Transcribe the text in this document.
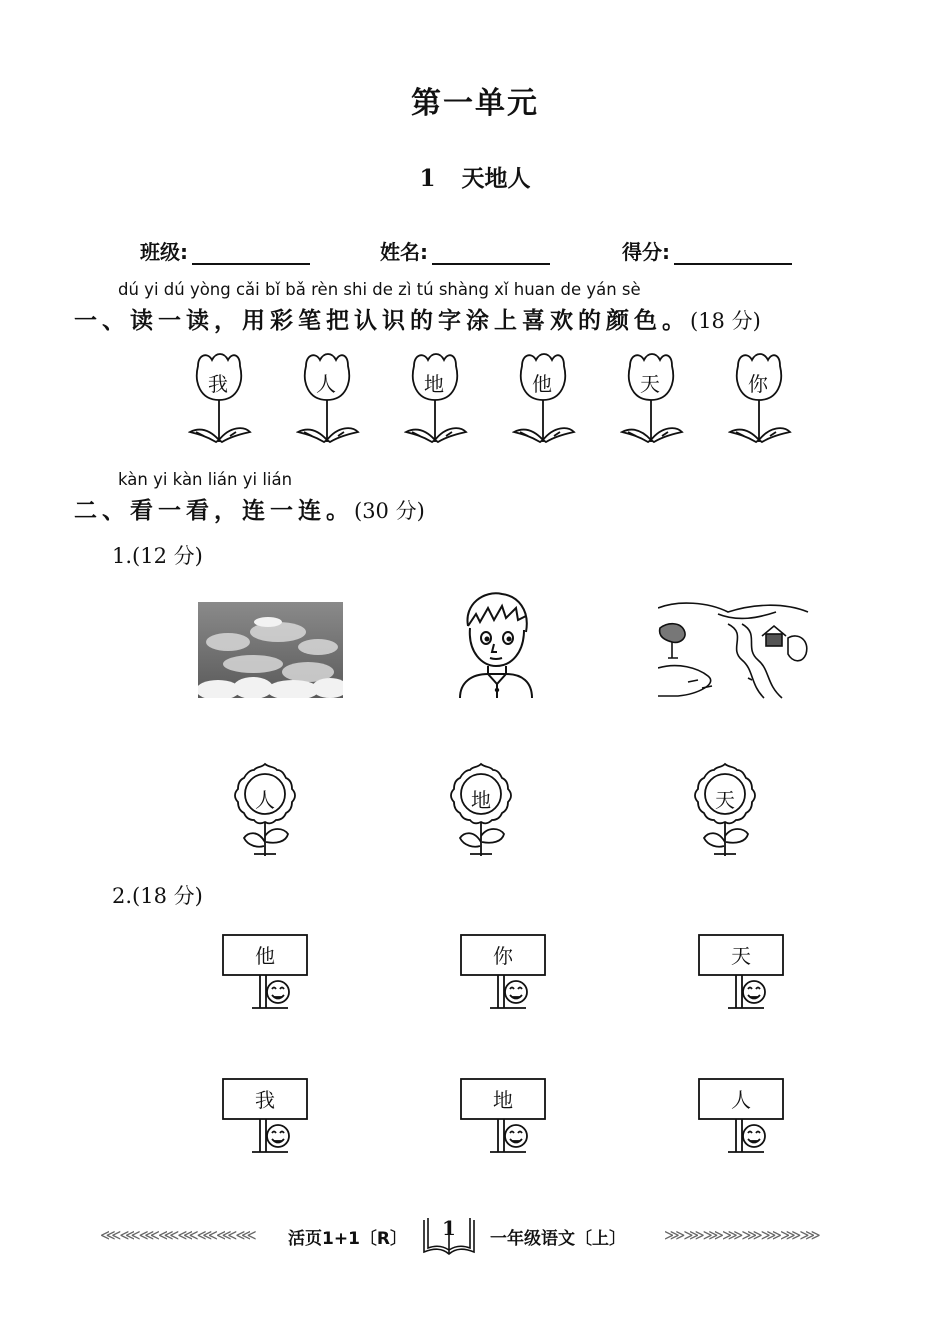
第一单元
1 天地人
班级:	姓名:	得分:
dú yi dú yòng cǎi bǐ bǎ rèn shi de zì tú shàng xǐ huan de yán sè
一、读一读，用彩笔把认识的字涂上喜欢的颜色。(18 分)
我	人	地	他	天	你
kàn yi kàn lián yi lián
二、看一看，连一连。(30 分)
1.(12 分)
人	地	天
2.(18 分)
他	你	天
我	地	人
⋘⋘⋘⋘⋘⋘⋘⋘ 活页1+1〔R〕	1	一年级语文〔上〕	⋙⋙⋙⋙⋙⋙⋙⋙
